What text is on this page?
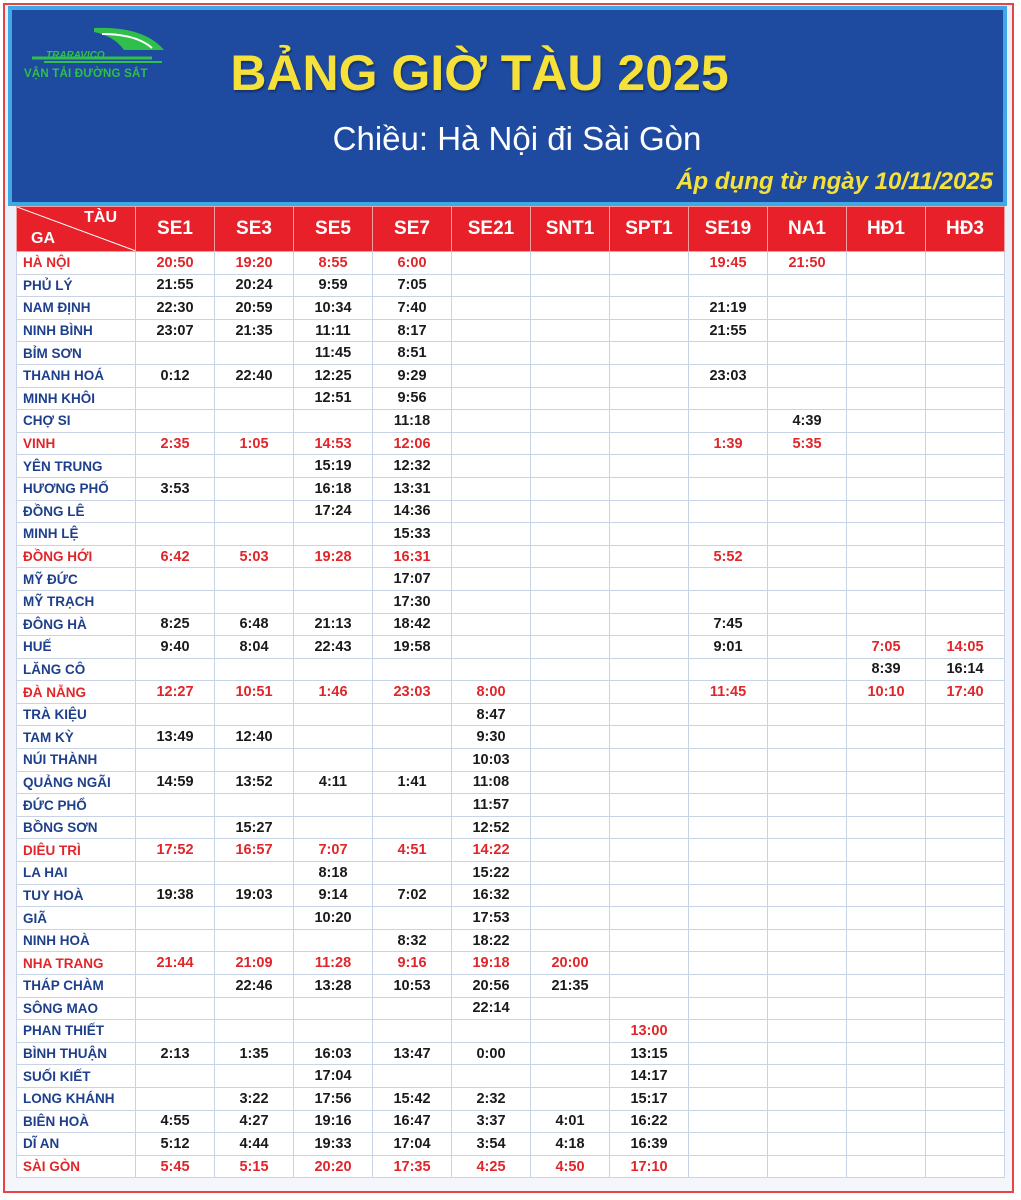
TRARAVICO
VẬN TẢI ĐƯỜNG SẮT	BẢNG GIỜ TÀU 2025
Chiều: Hà Nội đi Sài Gòn
Áp dụng từ ngày 10/11/2025
TÀU
GA	SE1	SE3	SE5	SE7	SE21	SNT1	SPT1	SE19	NA1	HĐ1	HĐ3
HÀ NỘI	20:50	19:20	8:55	6:00				19:45	21:50		
PHỦ LÝ	21:55	20:24	9:59	7:05							
NAM ĐỊNH	22:30	20:59	10:34	7:40				21:19			
NINH BÌNH	23:07	21:35	11:11	8:17				21:55			
BỈM SƠN			11:45	8:51							
THANH HOÁ	0:12	22:40	12:25	9:29				23:03			
MINH KHÔI			12:51	9:56							
CHỢ SI				11:18					4:39		
VINH	2:35	1:05	14:53	12:06				1:39	5:35		
YÊN TRUNG			15:19	12:32							
HƯƠNG PHỐ	3:53		16:18	13:31							
ĐỒNG LÊ			17:24	14:36							
MINH LỆ				15:33							
ĐỒNG HỚI	6:42	5:03	19:28	16:31				5:52			
MỸ ĐỨC				17:07							
MỸ TRẠCH				17:30							
ĐÔNG HÀ	8:25	6:48	21:13	18:42				7:45			
HUẾ	9:40	8:04	22:43	19:58				9:01		7:05	14:05
LĂNG CÔ										8:39	16:14
ĐÀ NẴNG	12:27	10:51	1:46	23:03	8:00			11:45		10:10	17:40
TRÀ KIỆU					8:47						
TAM KỲ	13:49	12:40			9:30						
NÚI THÀNH					10:03						
QUẢNG NGÃI	14:59	13:52	4:11	1:41	11:08						
ĐỨC PHỔ					11:57						
BỒNG SƠN		15:27			12:52						
DIÊU TRÌ	17:52	16:57	7:07	4:51	14:22						
LA HAI			8:18		15:22						
TUY HOÀ	19:38	19:03	9:14	7:02	16:32						
GIÃ			10:20		17:53						
NINH HOÀ				8:32	18:22						
NHA TRANG	21:44	21:09	11:28	9:16	19:18	20:00					
THÁP CHÀM		22:46	13:28	10:53	20:56	21:35					
SÔNG MAO					22:14						
PHAN THIẾT							13:00				
BÌNH THUẬN	2:13	1:35	16:03	13:47	0:00		13:15				
SUỐI KIẾT			17:04				14:17				
LONG KHÁNH		3:22	17:56	15:42	2:32		15:17				
BIÊN HOÀ	4:55	4:27	19:16	16:47	3:37	4:01	16:22				
DĨ AN	5:12	4:44	19:33	17:04	3:54	4:18	16:39				
SÀI GÒN	5:45	5:15	20:20	17:35	4:25	4:50	17:10				
